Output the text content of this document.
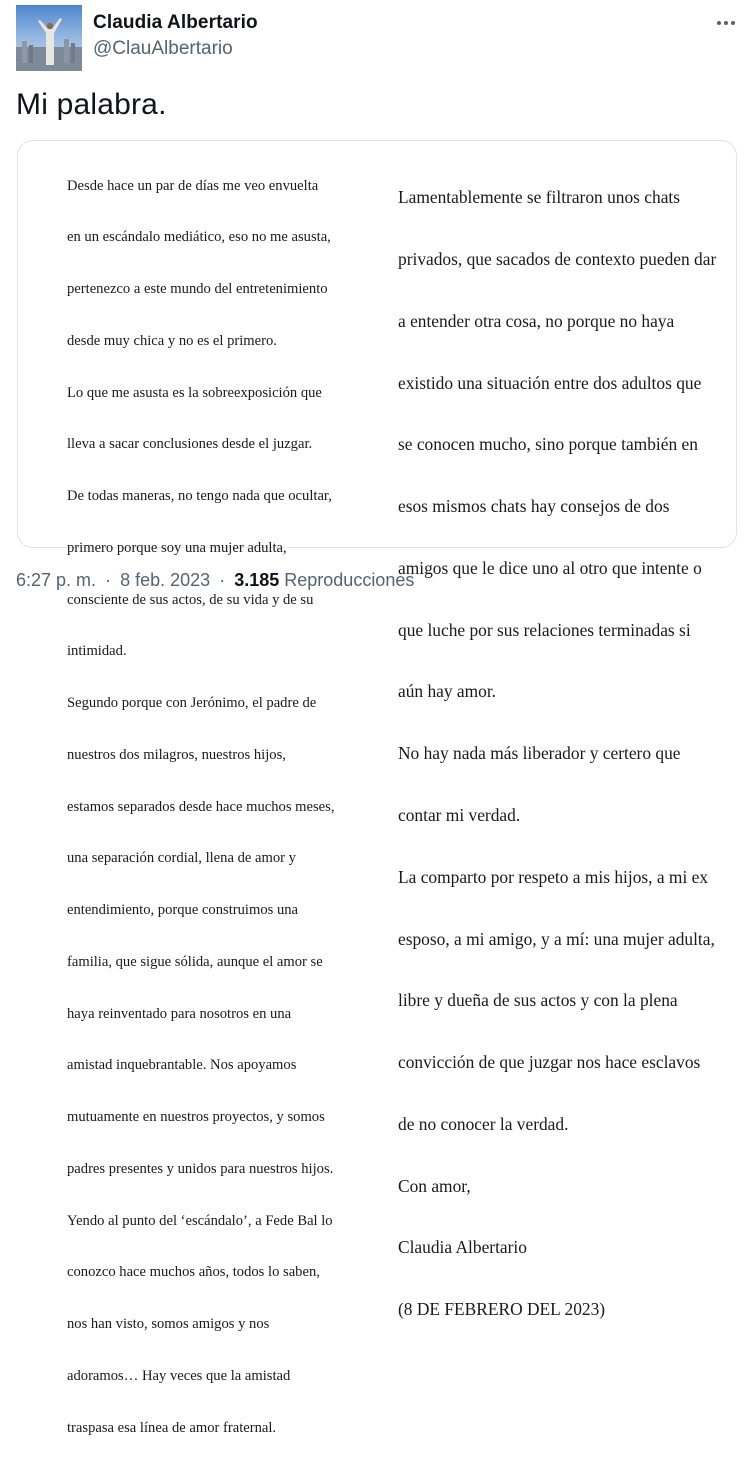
Claudia Albertario
@ClauAlbertario
Mi palabra.

Desde hace un par de días me veo envuelta

en un escándalo mediático, eso no me asusta,

pertenezco a este mundo del entretenimiento

desde muy chica y no es el primero.

Lo que me asusta es la sobreexposición que

lleva a sacar conclusiones desde el juzgar.

De todas maneras, no tengo nada que ocultar,

primero porque soy una mujer adulta,

consciente de sus actos, de su vida y de su

intimidad.

Segundo porque con Jerónimo, el padre de

nuestros dos milagros, nuestros hijos,

estamos separados desde hace muchos meses,

una separación cordial, llena de amor y

entendimiento, porque construimos una

familia, que sigue sólida, aunque el amor se

haya reinventado para nosotros en una

amistad inquebrantable. Nos apoyamos

mutuamente en nuestros proyectos, y somos

padres presentes y unidos para nuestros hijos.

Yendo al punto del ‘escándalo’, a Fede Bal lo

conozco hace muchos años, todos lo saben,

nos han visto, somos amigos y nos

adoramos… Hay veces que la amistad

traspasa esa línea de amor fraternal.

Lamentablemente se filtraron unos chats

privados, que sacados de contexto pueden dar

a entender otra cosa, no porque no haya

existido una situación entre dos adultos que

se conocen mucho, sino porque también en

esos mismos chats hay consejos de dos

amigos que le dice uno al otro que intente o

que luche por sus relaciones terminadas si

aún hay amor.

No hay nada más liberador y certero que

contar mi verdad.

La comparto por respeto a mis hijos, a mi ex

esposo, a mi amigo, y a mí: una mujer adulta,

libre y dueña de sus actos y con la plena

convicción de que juzgar nos hace esclavos

de no conocer la verdad.

Con amor,

Claudia Albertario

(8 DE FEBRERO DEL 2023)

6:27 p. m. · 8 feb. 2023 · 3.185 Reproducciones
